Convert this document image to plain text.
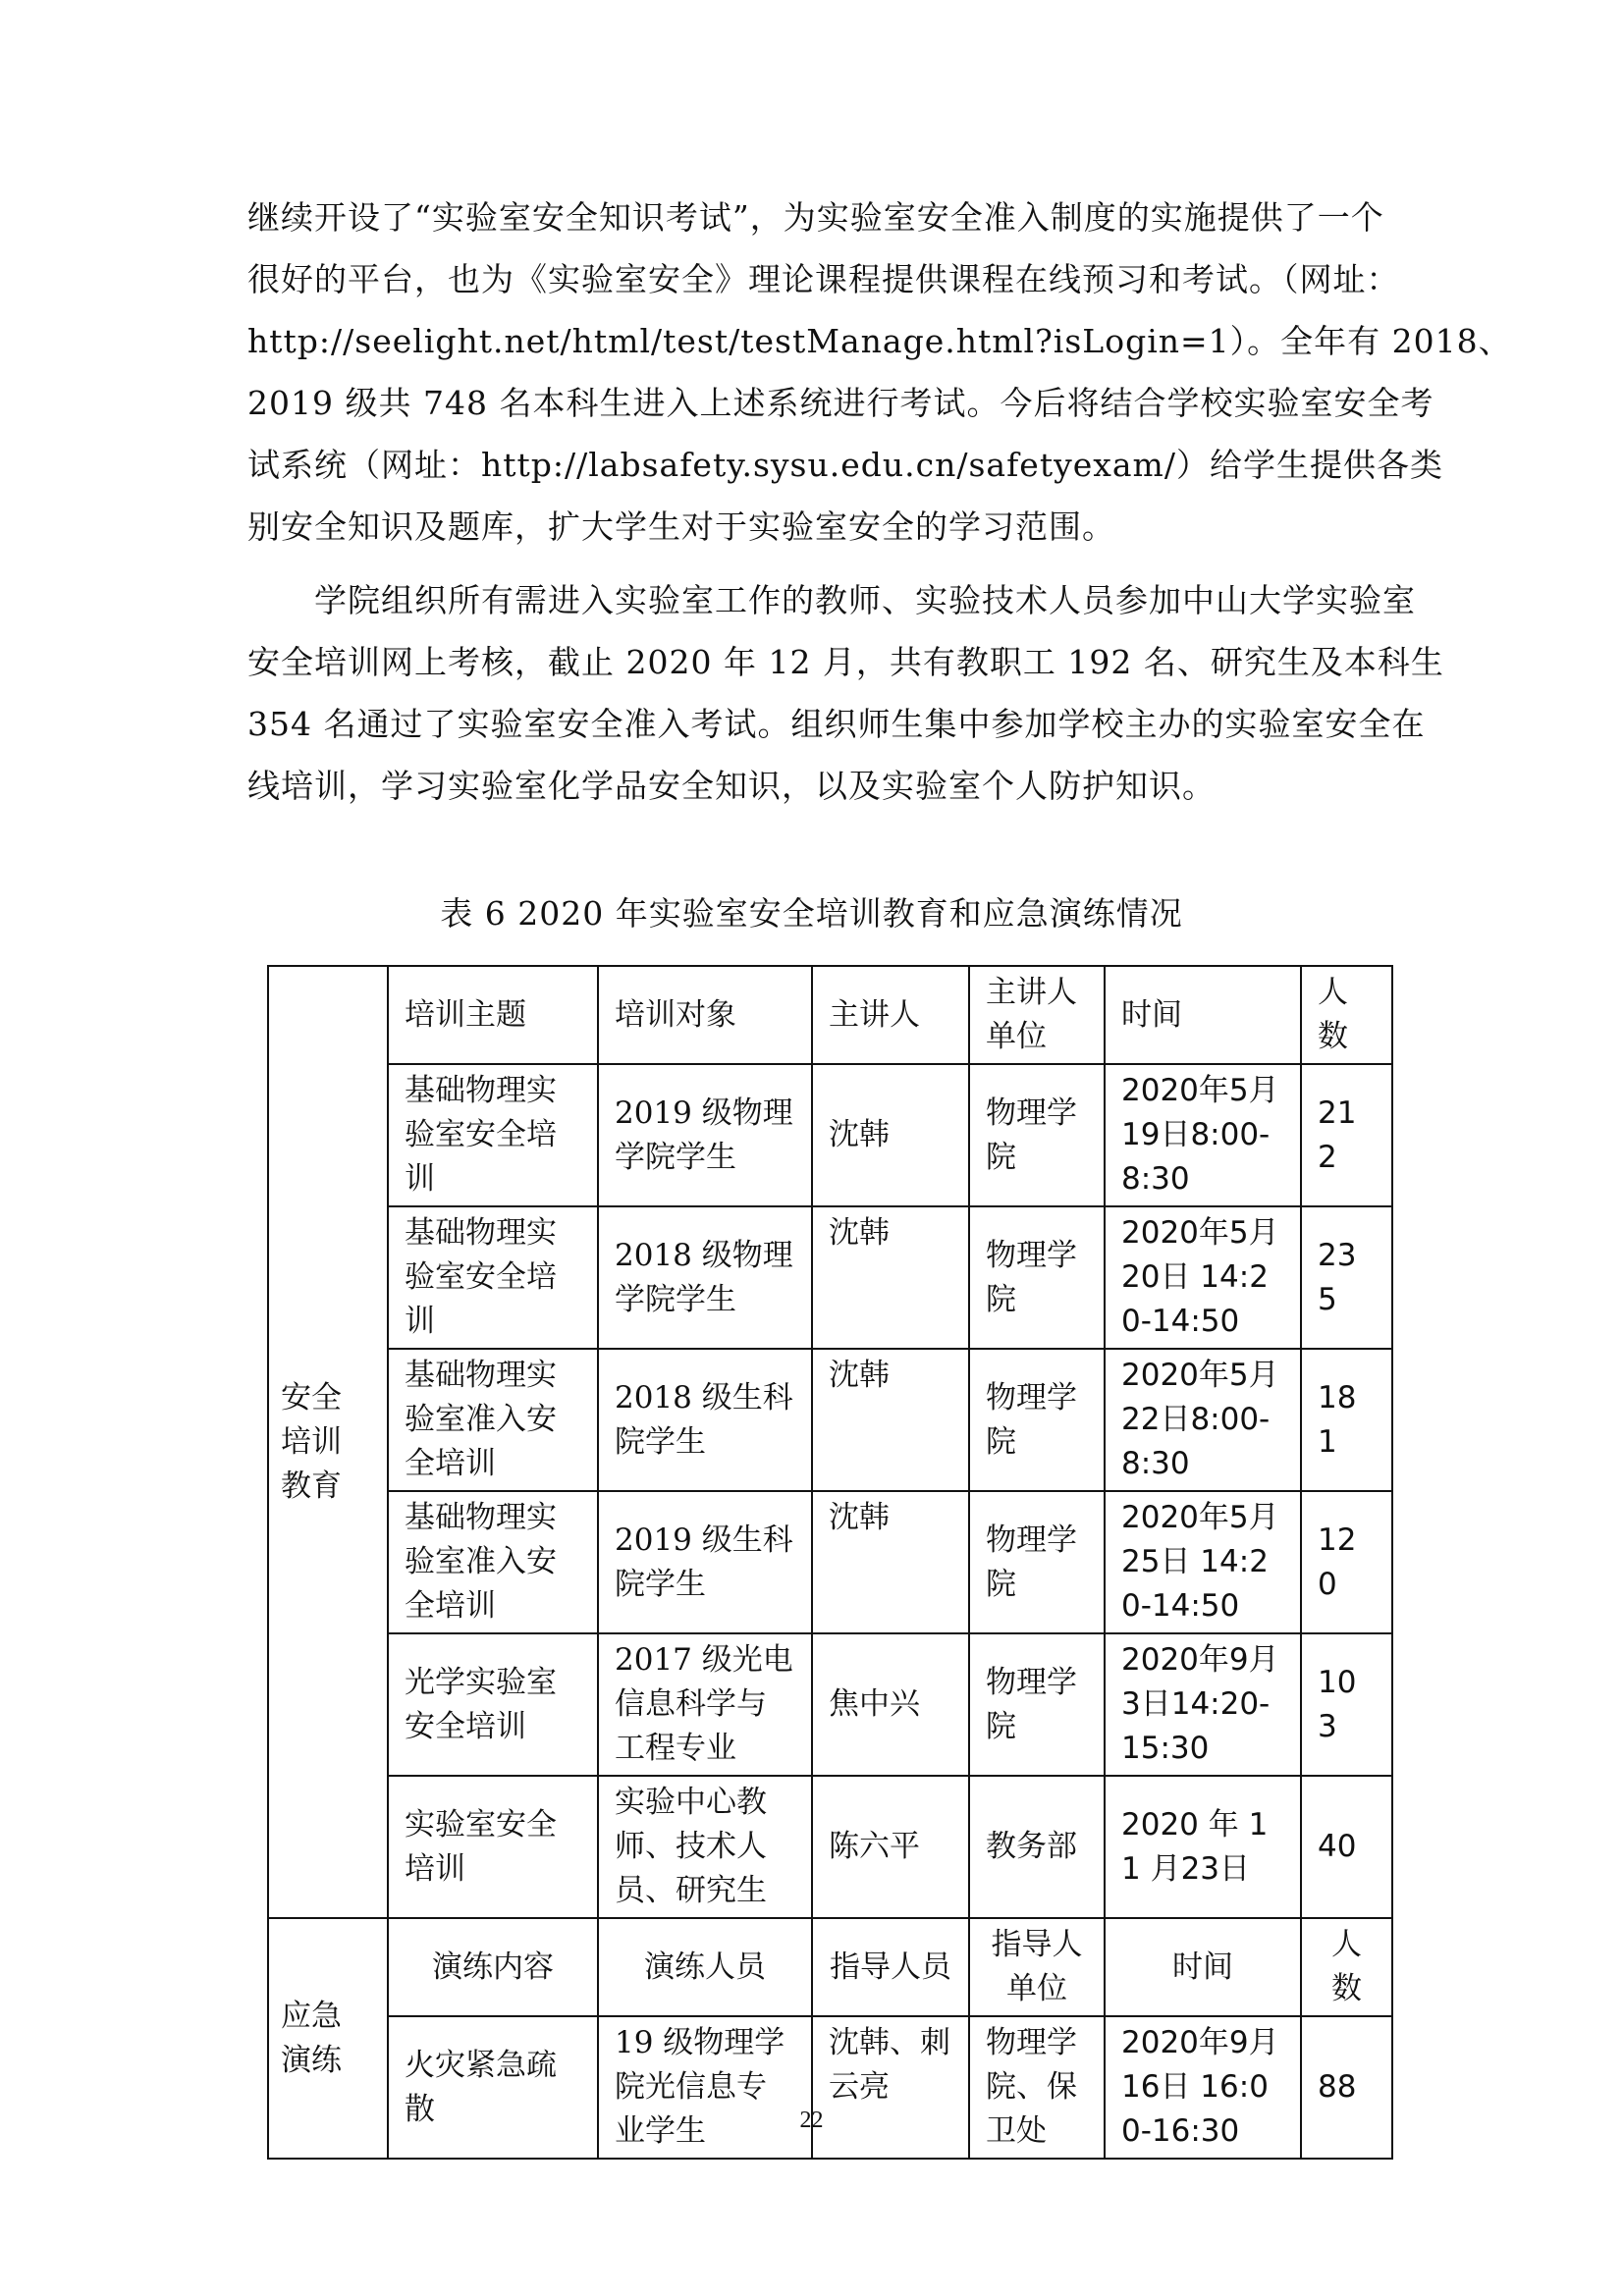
继续开设了“实验室安全知识考试”，为实验室安全准入制度的实施提供了一个
很好的平台，也为《实验室安全》理论课程提供课程在线预习和考试。（网址：
http://seelight.net/html/test/testManage.html?isLogin=1）。全年有 2018、
2019 级共 748 名本科生进入上述系统进行考试。今后将结合学校实验室安全考
试系统（网址：http://labsafety.sysu.edu.cn/safetyexam/）给学生提供各类
别安全知识及题库，扩大学生对于实验室安全的学习范围。
　　学院组织所有需进入实验室工作的教师、实验技术人员参加中山大学实验室
安全培训网上考核，截止 2020 年 12 月，共有教职工 192 名、研究生及本科生
354 名通过了实验室安全准入考试。组织师生集中参加学校主办的实验室安全在
线培训，学习实验室化学品安全知识，以及实验室个人防护知识。
表 6 2020 年实验室安全培训教育和应急演练情况
安全
培训
教育	培训主题	培训对象	主讲人	主讲人单位	时间	人数
	基础物理实验室安全培训	2019 级物理学院学生	沈韩	物理学院	2020年5月19日8:00-8:30	212
	基础物理实验室安全培训	2018 级物理学院学生	沈韩	物理学院	2020年5月20日 14:20-14:50	235
	基础物理实验室准入安全培训	2018 级生科院学生	沈韩	物理学院	2020年5月22日8:00-8:30	181
	基础物理实验室准入安全培训	2019 级生科院学生	沈韩	物理学院	2020年5月25日 14:20-14:50	120
	光学实验室安全培训	2017 级光电信息科学与工程专业	焦中兴	物理学院	2020年9月3日14:20-15:30	103
	实验室安全培训	实验中心教师、技术人员、研究生	陈六平	教务部	2020 年 11 月23日	40

应急
演练	演练内容	演练人员	指导人员	指导人单位	时间	人数
	火灾紧急疏散	19 级物理学院光信息专业学生	沈韩、刺云亮	物理学院、保卫处	2020年9月16日 16:00-16:30	88
22
